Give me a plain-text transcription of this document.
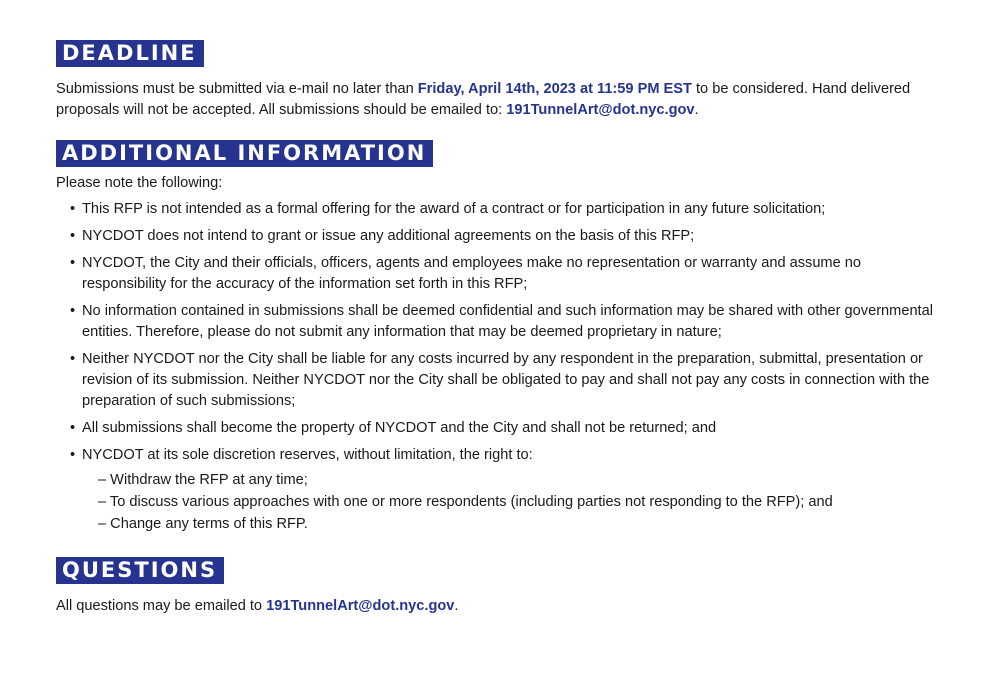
DEADLINE

Submissions must be submitted via e-mail no later than Friday, April 14th, 2023 at 11:59 PM EST to be considered. Hand delivered proposals will not be accepted. All submissions should be emailed to: 191TunnelArt@dot.nyc.gov.

ADDITIONAL INFORMATION

Please note the following:

• This RFP is not intended as a formal offering for the award of a contract or for participation in any future solicitation;
• NYCDOT does not intend to grant or issue any additional agreements on the basis of this RFP;
• NYCDOT, the City and their officials, officers, agents and employees make no representation or warranty and assume no responsibility for the accuracy of the information set forth in this RFP;
• No information contained in submissions shall be deemed confidential and such information may be shared with other governmental entities. Therefore, please do not submit any information that may be deemed proprietary in nature;
• Neither NYCDOT nor the City shall be liable for any costs incurred by any respondent in the preparation, submittal, presentation or revision of its submission. Neither NYCDOT nor the City shall be obligated to pay and shall not pay any costs in connection with the preparation of such submissions;
• All submissions shall become the property of NYCDOT and the City and shall not be returned; and
• NYCDOT at its sole discretion reserves, without limitation, the right to:
– Withdraw the RFP at any time;
– To discuss various approaches with one or more respondents (including parties not responding to the RFP); and
– Change any terms of this RFP.
QUESTIONS

All questions may be emailed to 191TunnelArt@dot.nyc.gov.
